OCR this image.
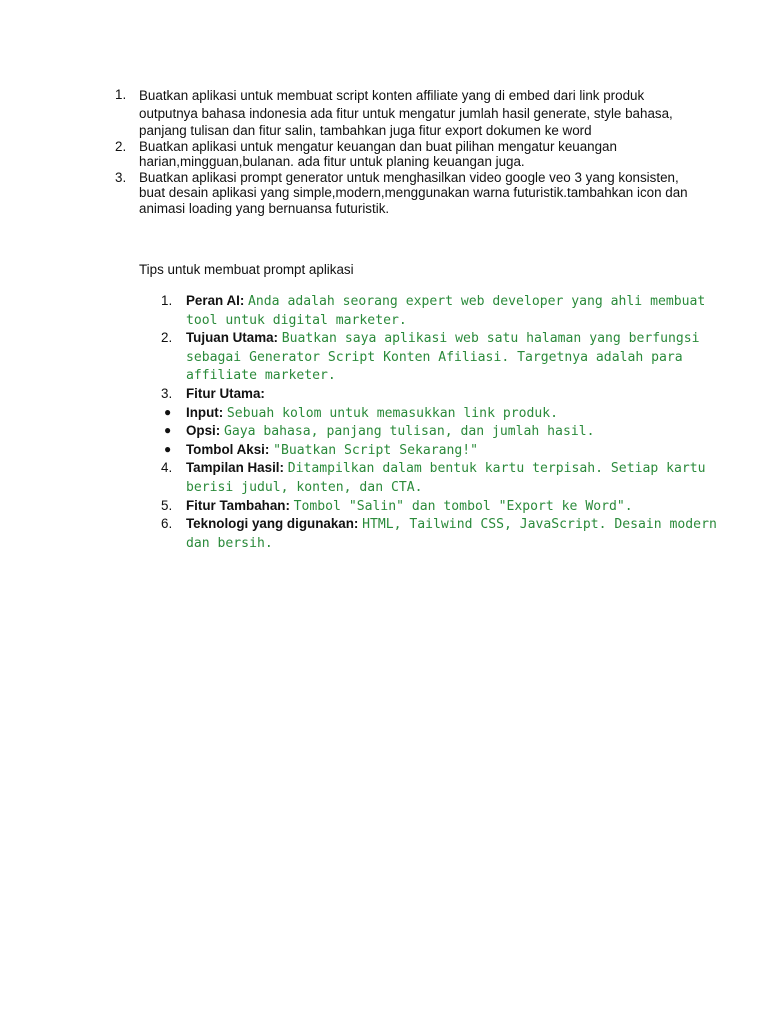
1. Buatkan aplikasi untuk membuat script konten affiliate yang di embed dari link produk outputnya bahasa indonesia ada fitur untuk mengatur jumlah hasil generate, style bahasa, panjang tulisan dan fitur salin, tambahkan juga fitur export dokumen ke word
2. Buatkan aplikasi untuk mengatur keuangan dan buat pilihan mengatur keuangan harian,mingguan,bulanan. ada fitur untuk planing keuangan juga.
3. Buatkan aplikasi prompt generator untuk menghasilkan video google veo 3 yang konsisten, buat desain aplikasi yang simple,modern,menggunakan warna futuristik.tambahkan icon dan animasi loading yang bernuansa futuristik.
Tips untuk membuat prompt aplikasi
1. Peran AI: Anda adalah seorang expert web developer yang ahli membuat tool untuk digital marketer.
2. Tujuan Utama: Buatkan saya aplikasi web satu halaman yang berfungsi sebagai Generator Script Konten Afiliasi. Targetnya adalah para affiliate marketer.
3. Fitur Utama:
● Input: Sebuah kolom untuk memasukkan link produk.
● Opsi: Gaya bahasa, panjang tulisan, dan jumlah hasil.
● Tombol Aksi: "Buatkan Script Sekarang!"
4. Tampilan Hasil: Ditampilkan dalam bentuk kartu terpisah. Setiap kartu berisi judul, konten, dan CTA.
5. Fitur Tambahan: Tombol "Salin" dan tombol "Export ke Word".
6. Teknologi yang digunakan: HTML, Tailwind CSS, JavaScript. Desain modern dan bersih.
